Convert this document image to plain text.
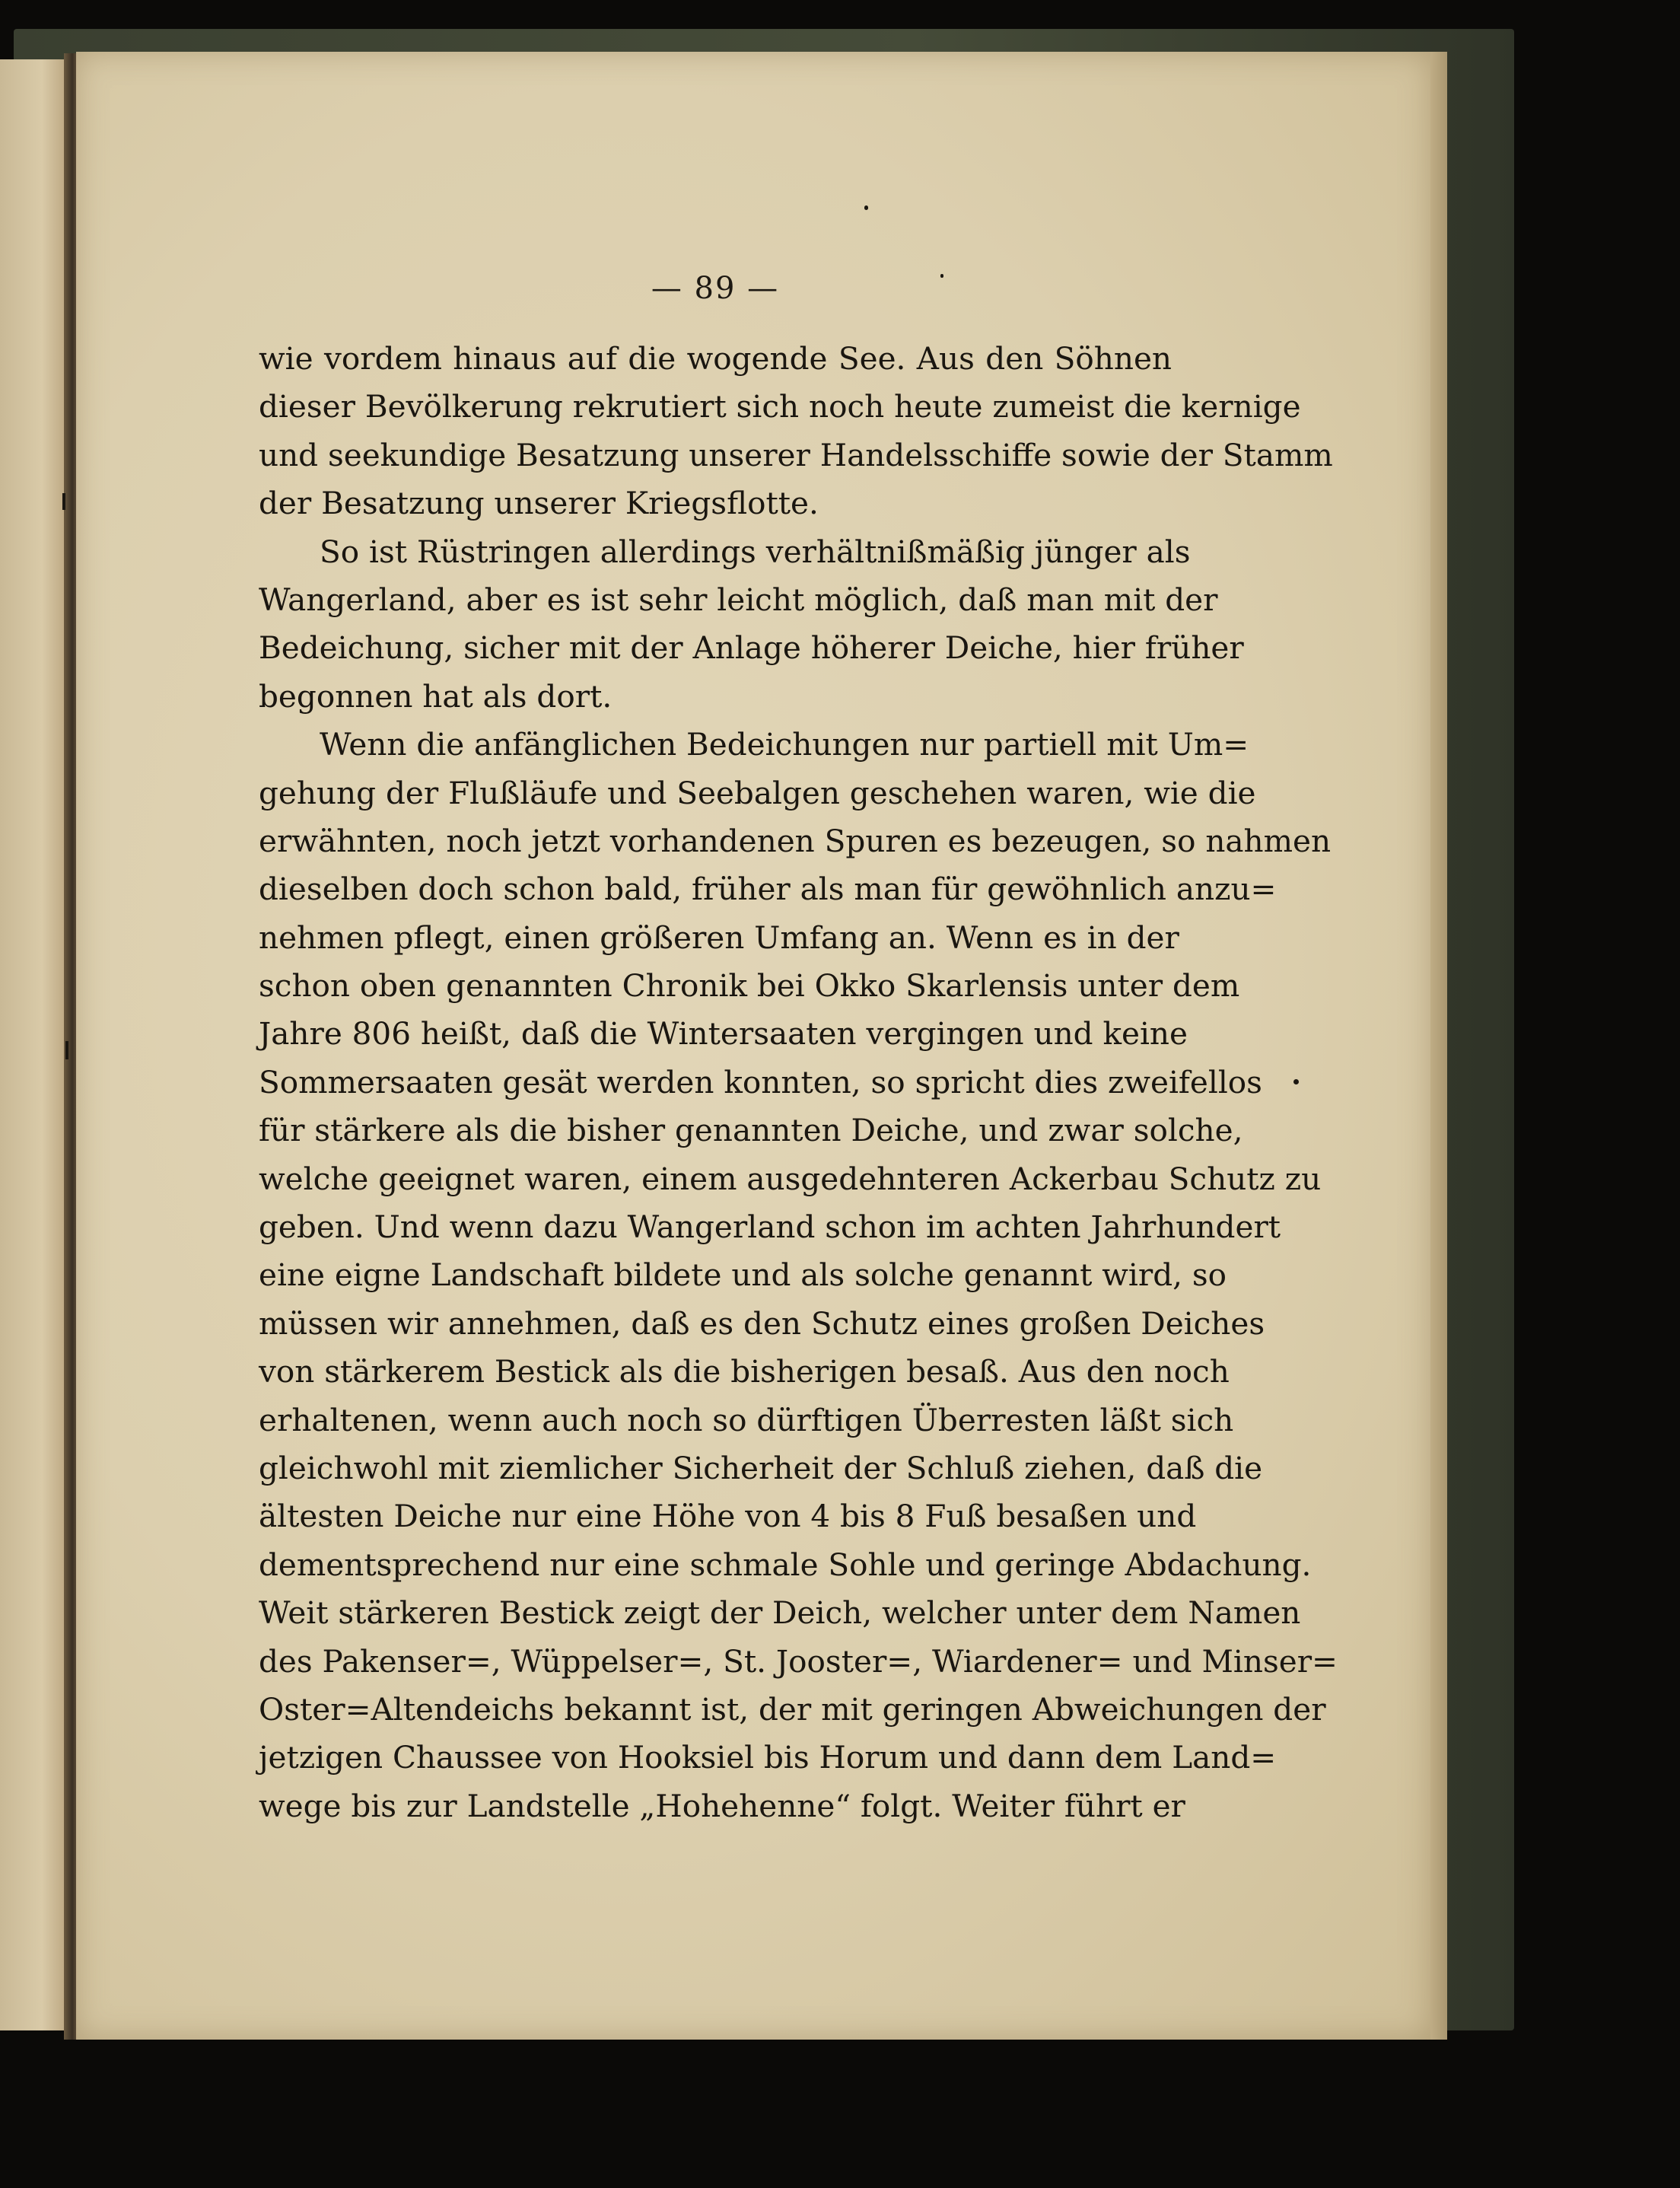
— 89 —
wie vordem hinaus auf die wogende See. Aus den Söhnen
dieser Bevölkerung rekrutiert sich noch heute zumeist die kernige
und seekundige Besatzung unserer Handelsschiffe sowie der Stamm
der Besatzung unserer Kriegsflotte.
So ist Rüstringen allerdings verhältnißmäßig jünger als
Wangerland, aber es ist sehr leicht möglich, daß man mit der
Bedeichung, sicher mit der Anlage höherer Deiche, hier früher
begonnen hat als dort.
Wenn die anfänglichen Bedeichungen nur partiell mit Um=
gehung der Flußläufe und Seebalgen geschehen waren, wie die
erwähnten, noch jetzt vorhandenen Spuren es bezeugen, so nahmen
dieselben doch schon bald, früher als man für gewöhnlich anzu=
nehmen pflegt, einen größeren Umfang an. Wenn es in der
schon oben genannten Chronik bei Okko Skarlensis unter dem
Jahre 806 heißt, daß die Wintersaaten vergingen und keine
Sommersaaten gesät werden konnten, so spricht dies zweifellos
für stärkere als die bisher genannten Deiche, und zwar solche,
welche geeignet waren, einem ausgedehnteren Ackerbau Schutz zu
geben. Und wenn dazu Wangerland schon im achten Jahrhundert
eine eigne Landschaft bildete und als solche genannt wird, so
müssen wir annehmen, daß es den Schutz eines großen Deiches
von stärkerem Bestick als die bisherigen besaß. Aus den noch
erhaltenen, wenn auch noch so dürftigen Überresten läßt sich
gleichwohl mit ziemlicher Sicherheit der Schluß ziehen, daß die
ältesten Deiche nur eine Höhe von 4 bis 8 Fuß besaßen und
dementsprechend nur eine schmale Sohle und geringe Abdachung.
Weit stärkeren Bestick zeigt der Deich, welcher unter dem Namen
des Pakenser=, Wüppelser=, St. Jooster=, Wiardener= und Minser=
Oster=Altendeichs bekannt ist, der mit geringen Abweichungen der
jetzigen Chaussee von Hooksiel bis Horum und dann dem Land=
wege bis zur Landstelle „Hohehenne“ folgt. Weiter führt er
